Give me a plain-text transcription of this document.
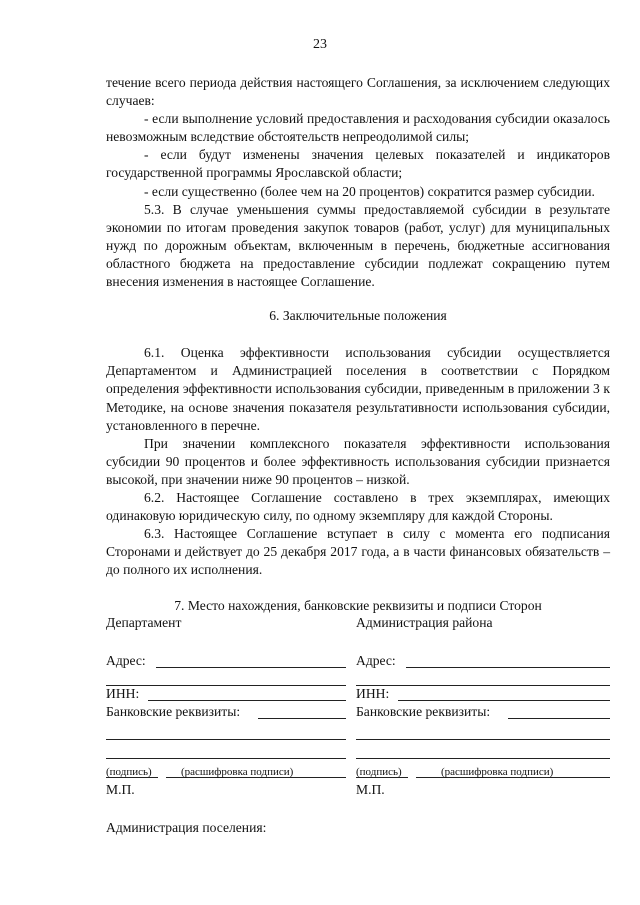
23

течение всего периода действия настоящего Соглашения, за исключением следующих случаев:

- если выполнение условий предоставления и расходования субсидии оказалось невозможным вследствие обстоятельств непреодолимой силы;

- если будут изменены значения целевых показателей и индикаторов государственной программы Ярославской области;

- если существенно (более чем на 20 процентов) сократится размер субсидии.

5.3. В случае уменьшения суммы предоставляемой субсидии в результате экономии по итогам проведения закупок товаров (работ, услуг) для муниципальных нужд по дорожным объектам, включенным в перечень, бюджетные ассигнования областного бюджета на предоставление субсидии подлежат сокращению путем внесения изменения в настоящее Соглашение.

6. Заключительные положения

6.1. Оценка эффективности использования субсидии осуществляется Департаментом и Администрацией поселения в соответствии с Порядком определения эффективности использования субсидии, приведенным в приложении 3 к Методике, на основе значения показателя результативности использования субсидии, установленного в перечне.

При значении комплексного показателя эффективности использования субсидии 90 процентов и более эффективность использования субсидии признается высокой, при значении ниже 90 процентов – низкой.

6.2. Настоящее Соглашение составлено в трех экземплярах, имеющих одинаковую юридическую силу, по одному экземпляру для каждой Стороны.

6.3. Настоящее Соглашение вступает в силу с момента его подписания Сторонами и действует до 25 декабря 2017 года, а в части финансовых обязательств – до полного их исполнения.

7. Место нахождения, банковские реквизиты и подписи Сторон

Департамент
Адрес:
ИНН:
Банковские реквизиты:
(подпись)	(расшифровка подписи)
М.П.
Администрация района
Адрес:
ИНН:
Банковские реквизиты:
(подпись)	(расшифровка подписи)
М.П.
Администрация поселения:
